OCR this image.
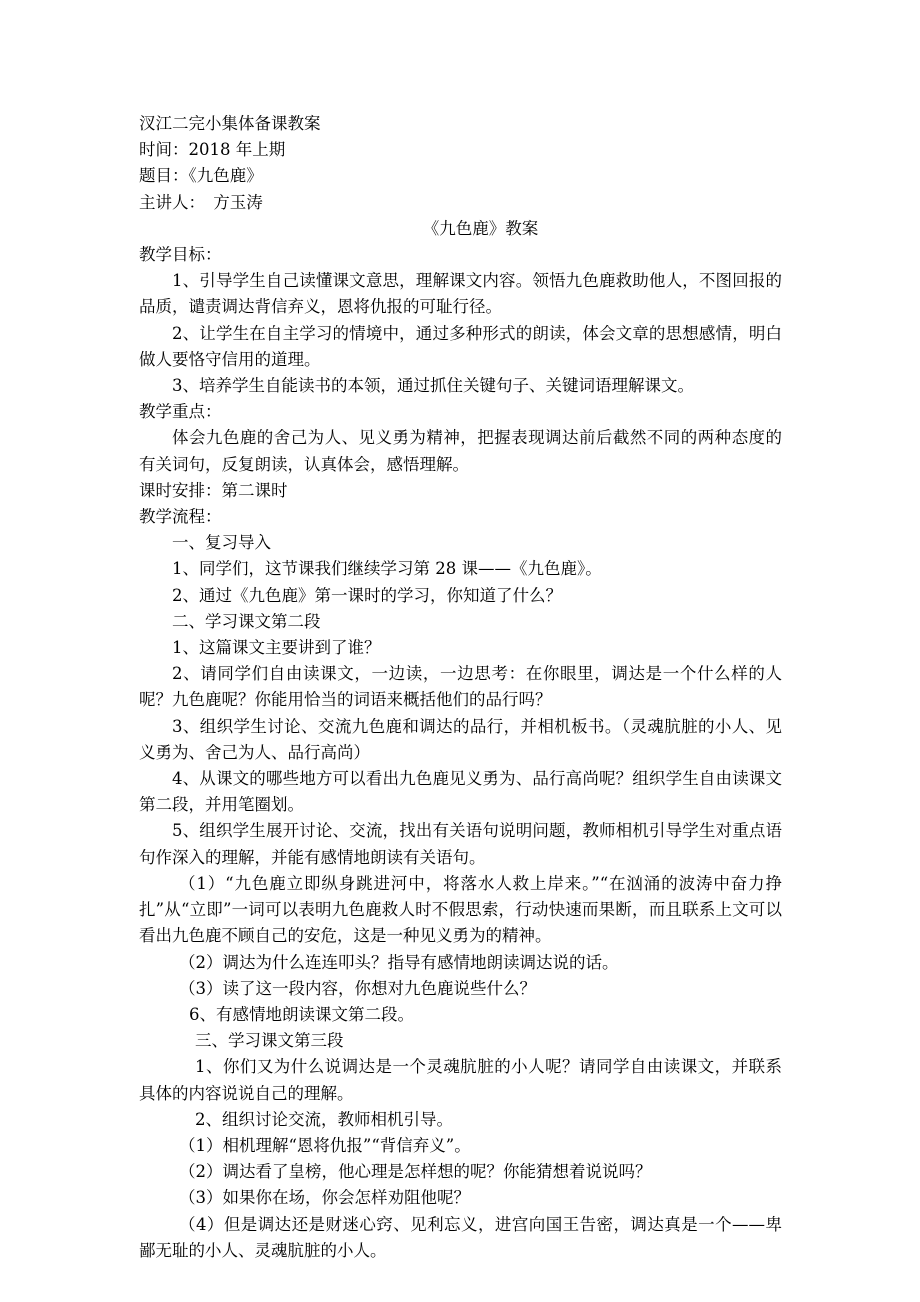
汊江二完小集体备课教案

时间：2018 年上期

题目：《九色鹿》

主讲人：　方玉涛

《九色鹿》教案

教学目标：

1、引导学生自己读懂课文意思，理解课文内容。领悟九色鹿救助他人，不图回报的品质，谴责调达背信弃义，恩将仇报的可耻行径。

2、让学生在自主学习的情境中，通过多种形式的朗读，体会文章的思想感情，明白做人要恪守信用的道理。

3、培养学生自能读书的本领，通过抓住关键句子、关键词语理解课文。

教学重点：

体会九色鹿的舍己为人、见义勇为精神，把握表现调达前后截然不同的两种态度的有关词句，反复朗读，认真体会，感悟理解。

课时安排：第二课时

教学流程：

一、复习导入

1、同学们，这节课我们继续学习第 28 课——《九色鹿》。

2、通过《九色鹿》第一课时的学习，你知道了什么？

二、学习课文第二段

1、这篇课文主要讲到了谁？

2、请同学们自由读课文，一边读，一边思考：在你眼里，调达是一个什么样的人呢？九色鹿呢？你能用恰当的词语来概括他们的品行吗？

3、组织学生讨论、交流九色鹿和调达的品行，并相机板书。（灵魂肮脏的小人、见义勇为、舍己为人、品行高尚）

4、从课文的哪些地方可以看出九色鹿见义勇为、品行高尚呢？组织学生自由读课文第二段，并用笔圈划。

5、组织学生展开讨论、交流，找出有关语句说明问题，教师相机引导学生对重点语句作深入的理解，并能有感情地朗读有关语句。

（1）“九色鹿立即纵身跳进河中，将落水人救上岸来。”“在汹涌的波涛中奋力挣扎”从“立即”一词可以表明九色鹿救人时不假思索，行动快速而果断，而且联系上文可以看出九色鹿不顾自己的安危，这是一种见义勇为的精神。

（2）调达为什么连连叩头？指导有感情地朗读调达说的话。

（3）读了这一段内容，你想对九色鹿说些什么？

6、有感情地朗读课文第二段。

三、学习课文第三段

1、你们又为什么说调达是一个灵魂肮脏的小人呢？请同学自由读课文，并联系具体的内容说说自己的理解。

2、组织讨论交流，教师相机引导。

（1）相机理解“恩将仇报”“背信弃义”。

（2）调达看了皇榜，他心理是怎样想的呢？你能猜想着说说吗？

（3）如果你在场，你会怎样劝阻他呢？

（4）但是调达还是财迷心窍、见利忘义，进宫向国王告密，调达真是一个——卑鄙无耻的小人、灵魂肮脏的小人。
